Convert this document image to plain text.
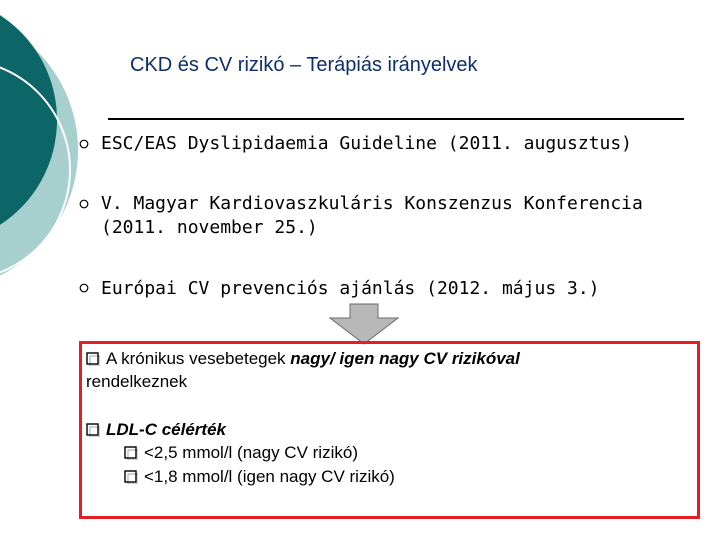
CKD és CV rizikó – Terápiás irányelvek
ESC/EAS Dyslipidaemia Guideline (2011. augusztus)
V. Magyar Kardiovaszkuláris Konszenzus Konferencia
(2011. november 25.)
Európai CV prevenciós ajánlás (2012. május 3.)
A krónikus vesebetegek nagy/ igen nagy CV rizikóval
rendelkeznek
LDL-C célérték
<2,5 mmol/l (nagy CV rizikó)
<1,8 mmol/l (igen nagy CV rizikó)
